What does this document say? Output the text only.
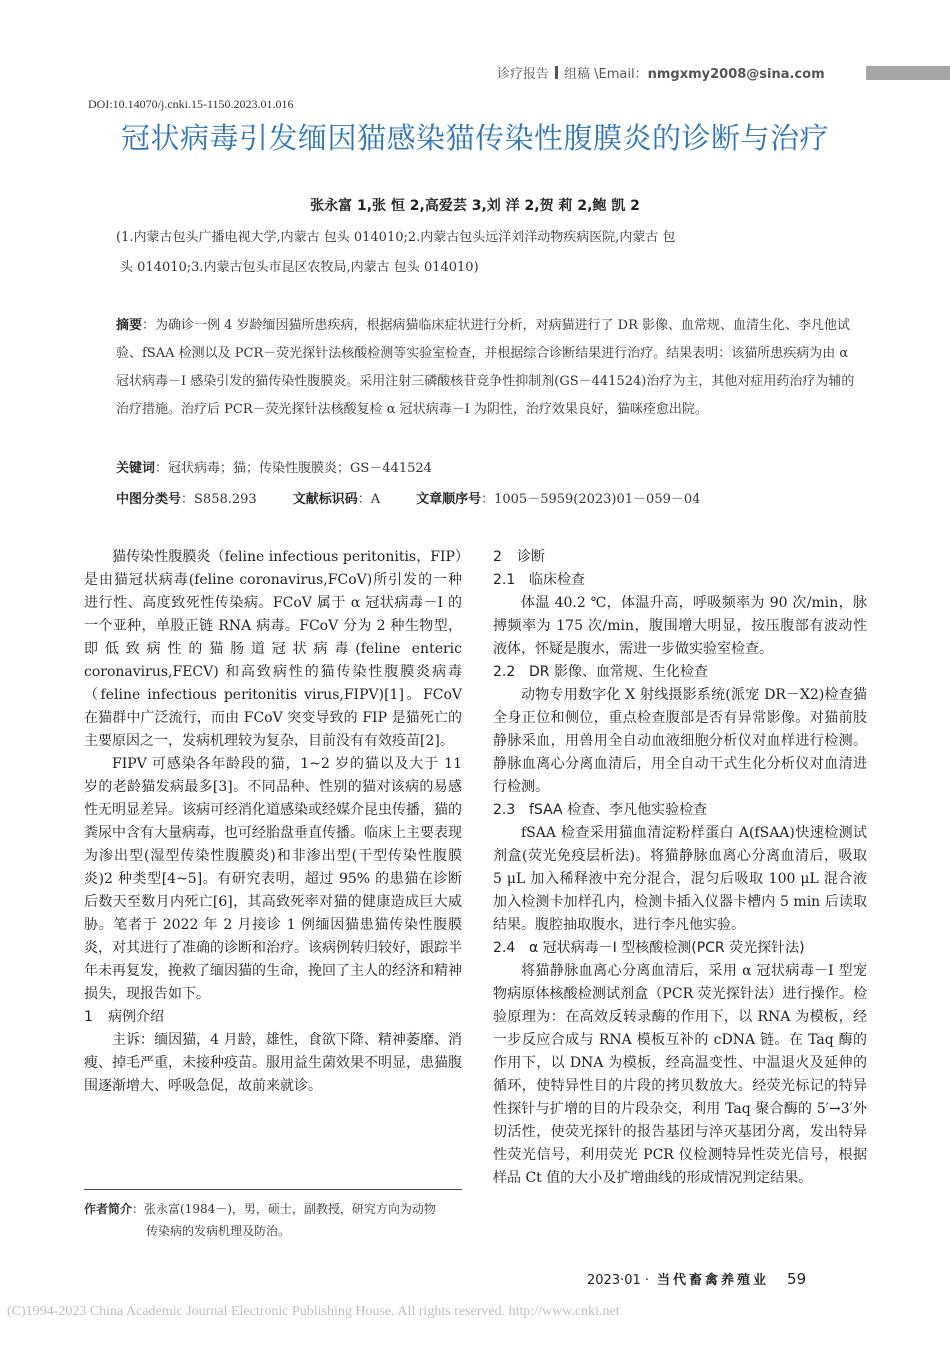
诊疗报告 组稿 \Email：nmgxmy2008@sina.com
DOI:10.14070/j.cnki.15-1150.2023.01.016
冠状病毒引发缅因猫感染猫传染性腹膜炎的诊断与治疗
张永富 1,张 恒 2,高爱芸 3,刘 洋 2,贺 莉 2,鲍 凯 2
(1.内蒙古包头广播电视大学,内蒙古 包头 014010;2.内蒙古包头远洋刘洋动物疾病医院,内蒙古 包
头 014010;3.内蒙古包头市昆区农牧局,内蒙古 包头 014010)
摘要：为确诊一例 4 岁龄缅因猫所患疾病，根据病猫临床症状进行分析，对病猫进行了 DR 影像、血常规、血清生化、李凡他试验、fSAA 检测以及 PCR－荧光探针法核酸检测等实验室检查，并根据综合诊断结果进行治疗。结果表明：该猫所患疾病为由 α 冠状病毒－I 感染引发的猫传染性腹膜炎。采用注射三磷酸核苷竞争性抑制剂(GS－441524)治疗为主，其他对症用药治疗为辅的治疗措施。治疗后 PCR－荧光探针法核酸复检 α 冠状病毒－I 为阴性，治疗效果良好，猫咪痊愈出院。
关键词：冠状病毒；猫；传染性腹膜炎；GS－441524
中图分类号：S858.293	文献标识码：A	文章顺序号：1005－5959(2023)01－059－04

猫传染性腹膜炎（feline infectious peritonitis，FIP）是由猫冠状病毒(feline coronavirus,FCoV)所引发的一种进行性、高度致死性传染病。FCoV 属于 α 冠状病毒－I 的一个亚种，单股正链 RNA 病毒。FCoV 分为 2 种生物型，即低致病性的猫肠道冠状病毒(feline enteric coronavirus,FECV) 和高致病性的猫传染性腹膜炎病毒（feline infectious peritonitis virus,FIPV)[1]。FCoV 在猫群中广泛流行，而由 FCoV 突变导致的 FIP 是猫死亡的主要原因之一，发病机理较为复杂，目前没有有效疫苗[2]。

FIPV 可感染各年龄段的猫，1~2 岁的猫以及大于 11 岁的老龄猫发病最多[3]。不同品种、性别的猫对该病的易感性无明显差异。该病可经消化道感染或经媒介昆虫传播，猫的粪尿中含有大量病毒，也可经胎盘垂直传播。临床上主要表现为渗出型(湿型传染性腹膜炎)和非渗出型(干型传染性腹膜炎)2 种类型[4~5]。有研究表明，超过 95% 的患猫在诊断后数天至数月内死亡[6]，其高致死率对猫的健康造成巨大威胁。笔者于 2022 年 2 月接诊 1 例缅因猫患猫传染性腹膜炎，对其进行了准确的诊断和治疗。该病例转归较好，跟踪半年未再复发，挽救了缅因猫的生命，挽回了主人的经济和精神损失，现报告如下。

1 病例介绍

主诉：缅因猫，4 月龄，雄性，食欲下降、精神萎靡、消瘦、掉毛严重，未接种疫苗。服用益生菌效果不明显，患猫腹围逐渐增大、呼吸急促，故前来就诊。

作者简介：张永富(1984－)，男，硕士，副教授，研究方向为动物
传染病的发病机理及防治。
2 诊断
2.1 临床检查

体温 40.2 ℃，体温升高，呼吸频率为 90 次/min，脉搏频率为 175 次/min，腹围增大明显，按压腹部有波动性液体，怀疑是腹水，需进一步做实验室检查。

2.2 DR 影像、血常规、生化检查

动物专用数字化 X 射线摄影系统(派宠 DR－X2)检查猫全身正位和侧位，重点检查腹部是否有异常影像。对猫前肢静脉采血，用兽用全自动血液细胞分析仪对血样进行检测。静脉血离心分离血清后，用全自动干式生化分析仪对血清进行检测。

2.3 fSAA 检查、李凡他实验检查

fSAA 检查采用猫血清淀粉样蛋白 A(fSAA)快速检测试剂盒(荧光免疫层析法)。将猫静脉血离心分离血清后，吸取 5 μL 加入稀释液中充分混合，混匀后吸取 100 μL 混合液加入检测卡加样孔内，检测卡插入仪器卡槽内 5 min 后读取结果。腹腔抽取腹水，进行李凡他实验。

2.4 α 冠状病毒－I 型核酸检测(PCR 荧光探针法)

将猫静脉血离心分离血清后，采用 α 冠状病毒－I 型宠物病原体核酸检测试剂盒（PCR 荧光探针法）进行操作。检验原理为：在高效反转录酶的作用下，以 RNA 为模板，经一步反应合成与 RNA 模板互补的 cDNA 链。在 Taq 酶的作用下，以 DNA 为模板，经高温变性、中温退火及延伸的循环，使特异性目的片段的拷贝数放大。经荧光标记的特异性探针与扩增的目的片段杂交，利用 Taq 聚合酶的 5′→3′外切活性，使荧光探针的报告基团与淬灭基团分离，发出特异性荧光信号，利用荧光 PCR 仪检测特异性荧光信号，根据样品 Ct 值的大小及扩增曲线的形成情况判定结果。

2023·01 · 当代畜禽养殖业 59
(C)1994-2023 China Academic Journal Electronic Publishing House. All rights reserved. http://www.cnki.net
